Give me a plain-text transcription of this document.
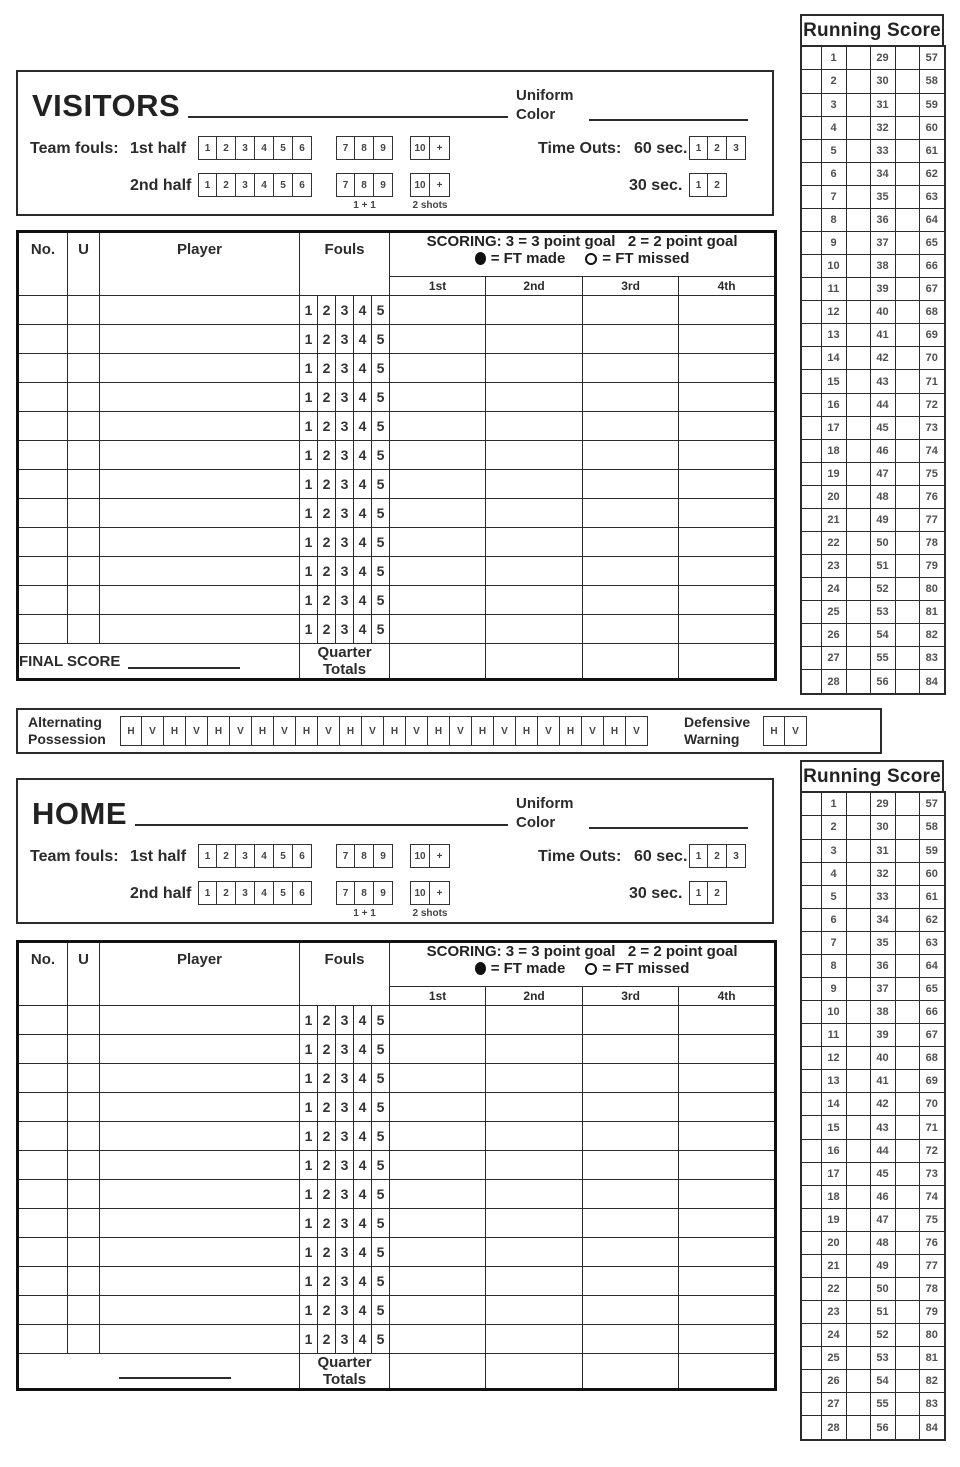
VISITORS	Uniform
Color
Team fouls: 1st half
2nd half
1	2	3	4	5	6	7	8	9	10	+
1	2	3	4	5	6	7	8	9	10	+
1 + 1	2 shots
Time Outs: 60 sec. 1	2	3
30 sec.	1	2
No.	U	Player	Fouls					SCORING: 3 = 3 point goal   2 = 2 point goal
= FT made = FT missed			

								1st	2nd	3rd	4th
			1	2	3	4	5				
			1	2	3	4	5				
			1	2	3	4	5				
			1	2	3	4	5				
			1	2	3	4	5				
			1	2	3	4	5				
			1	2	3	4	5				
			1	2	3	4	5				
			1	2	3	4	5				
			1	2	3	4	5				
			1	2	3	4	5				
			1	2	3	4	5				

FINAL SCORE			Quarter Totals								
Alternating
Possession	H	V	H	V	H	V	H	V	H	V	H	V	H	V	H	V	H	V	H	V	H	V	H	V
Defensive
Warning	H	V
HOME	Uniform
Color
Team fouls: 1st half
2nd half
1	2	3	4	5	6	7	8	9	10	+
1	2	3	4	5	6	7	8	9	10	+
1 + 1	2 shots
Time Outs: 60 sec. 1	2	3
30 sec.	1	2
No.	U	Player	Fouls					SCORING: 3 = 3 point goal   2 = 2 point goal
= FT made = FT missed			

								1st	2nd	3rd	4th
			1	2	3	4	5				
			1	2	3	4	5				
			1	2	3	4	5				
			1	2	3	4	5				
			1	2	3	4	5				
			1	2	3	4	5				
			1	2	3	4	5				
			1	2	3	4	5				
			1	2	3	4	5				
			1	2	3	4	5				
			1	2	3	4	5				
			1	2	3	4	5				

			Quarter Totals								
Running Score
	1		29		57
	2		30		58
	3		31		59
	4		32		60
	5		33		61
	6		34		62
	7		35		63
	8		36		64
	9		37		65
	10		38		66
	11		39		67
	12		40		68
	13		41		69
	14		42		70
	15		43		71
	16		44		72
	17		45		73
	18		46		74
	19		47		75
	20		48		76
	21		49		77
	22		50		78
	23		51		79
	24		52		80
	25		53		81
	26		54		82
	27		55		83
	28		56		84
Running Score
	1		29		57
	2		30		58
	3		31		59
	4		32		60
	5		33		61
	6		34		62
	7		35		63
	8		36		64
	9		37		65
	10		38		66
	11		39		67
	12		40		68
	13		41		69
	14		42		70
	15		43		71
	16		44		72
	17		45		73
	18		46		74
	19		47		75
	20		48		76
	21		49		77
	22		50		78
	23		51		79
	24		52		80
	25		53		81
	26		54		82
	27		55		83
	28		56		84
